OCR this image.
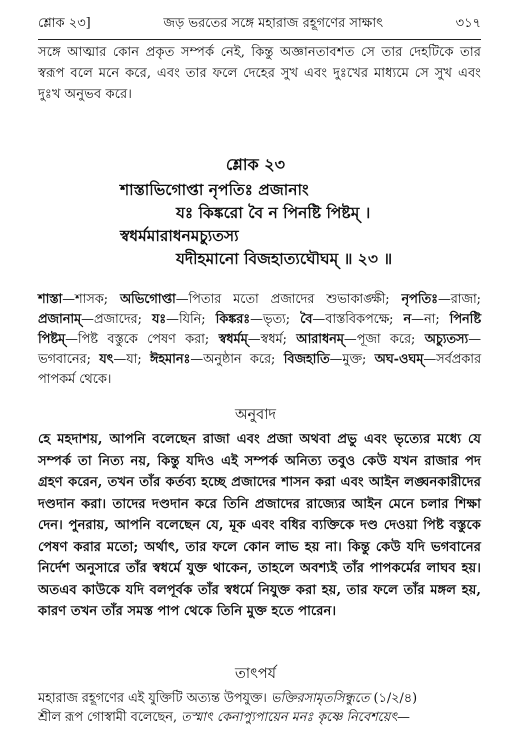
শ্লোক ২৩]	জড় ভরতের সঙ্গে মহারাজ রহূগণের সাক্ষাৎ	৩১৭
সঙ্গে আত্মার কোন প্রকৃত সম্পর্ক নেই, কিন্তু অজ্ঞানতাবশত সে তার দেহটিকে তার স্বরূপ বলে মনে করে, এবং তার ফলে দেহের সুখ এবং দুঃখের মাধ্যমে সে সুখ এবং দুঃখ অনুভব করে।
শ্লোক ২৩
শাস্তাভিগোপ্তা নৃপতিঃ প্রজানাং
যঃ কিঙ্করো বৈ ন পিনষ্টি পিষ্টম্ ।
স্বধর্মমারাধনমচ্যুতস্য
যদীহমানো বিজহাত্যঘৌঘম্ ॥ ২৩ ॥
শাস্তা—শাসক; অভিগোপ্তা—পিতার মতো প্রজাদের শুভাকাঙ্ক্ষী; নৃপতিঃ—রাজা; প্রজানাম্—প্রজাদের; যঃ—যিনি; কিঙ্করঃ—ভৃত্য; বৈ—বাস্তবিকপক্ষে; ন—না; পিনষ্টি পিষ্টম্—পিষ্ট বস্তুকে পেষণ করা; স্বধর্মম্—স্বধর্ম; আরাধনম্—পূজা করে; অচ্যুতস্য—ভগবানের; যৎ—যা; ঈহমানঃ—অনুষ্ঠান করে; বিজহাতি—মুক্ত; অঘ-ওঘম্—সর্বপ্রকার পাপকর্ম থেকে।
অনুবাদ
হে মহদাশয়, আপনি বলেছেন রাজা এবং প্রজা অথবা প্রভু এবং ভৃত্যের মধ্যে যে সম্পর্ক তা নিত্য নয়, কিন্তু যদিও এই সম্পর্ক অনিত্য তবুও কেউ যখন রাজার পদ গ্রহণ করেন, তখন তাঁর কর্তব্য হচ্ছে প্রজাদের শাসন করা এবং আইন লঙ্ঘনকারীদের দণ্ডদান করা। তাদের দণ্ডদান করে তিনি প্রজাদের রাজ্যের আইন মেনে চলার শিক্ষা দেন। পুনরায়, আপনি বলেছেন যে, মূক এবং বধির ব্যক্তিকে দণ্ড দেওয়া পিষ্ট বস্তুকে পেষণ করার মতো; অর্থাৎ, তার ফলে কোন লাভ হয় না। কিন্তু কেউ যদি ভগবানের নির্দেশ অনুসারে তাঁর স্বধর্মে যুক্ত থাকেন, তাহলে অবশ্যই তাঁর পাপকর্মের লাঘব হয়। অতএব কাউকে যদি বলপূর্বক তাঁর স্বধর্মে নিযুক্ত করা হয়, তার ফলে তাঁর মঙ্গল হয়, কারণ তখন তাঁর সমস্ত পাপ থেকে তিনি মুক্ত হতে পারেন।
তাৎপর্য
মহারাজ রহূগণের এই যুক্তিটি অত্যন্ত উপযুক্ত। ভক্তিরসামৃতসিন্ধুতে (১/২/৪)
শ্রীল রূপ গোস্বামী বলেছেন, তস্মাৎ কেনাপ্যুপায়েন মনঃ কৃষ্ণে নিবেশয়েৎ—
